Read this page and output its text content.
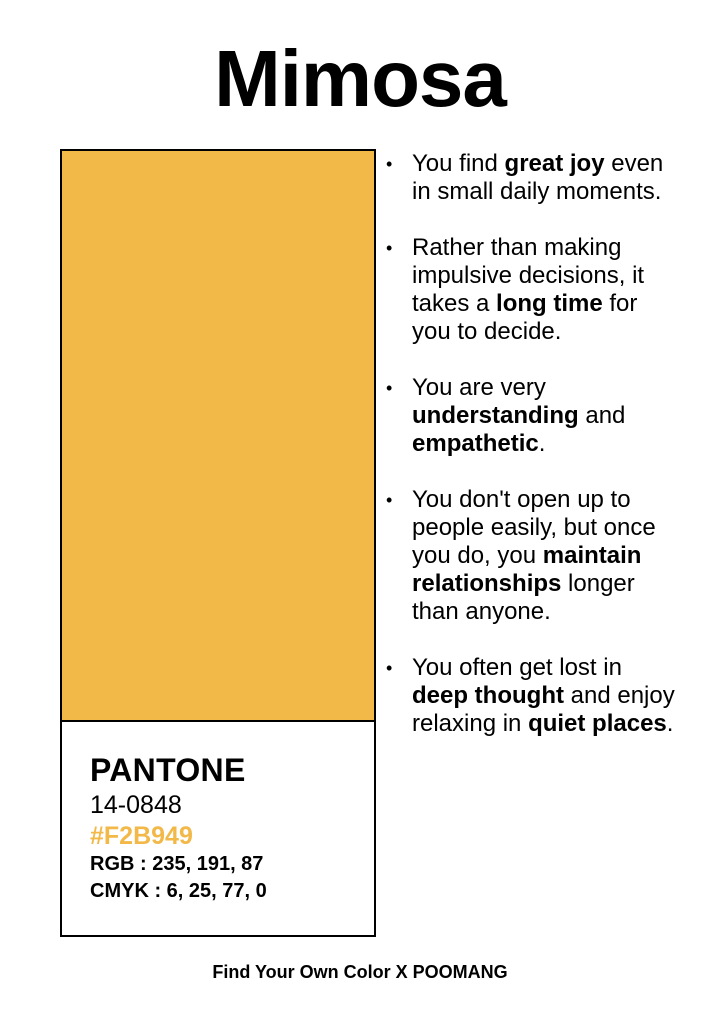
Mimosa
PANTONE
14-0848
#F2B949
RGB : 235, 191, 87
CMYK : 6, 25, 77, 0
• You find great joy even in small daily moments.
• Rather than making impulsive decisions, it takes a long time for you to decide.
• You are very understanding and empathetic.
• You don't open up to people easily, but once you do, you maintain relationships longer than anyone.
• You often get lost in deep thought and enjoy relaxing in quiet places.
Find Your Own Color X POOMANG
